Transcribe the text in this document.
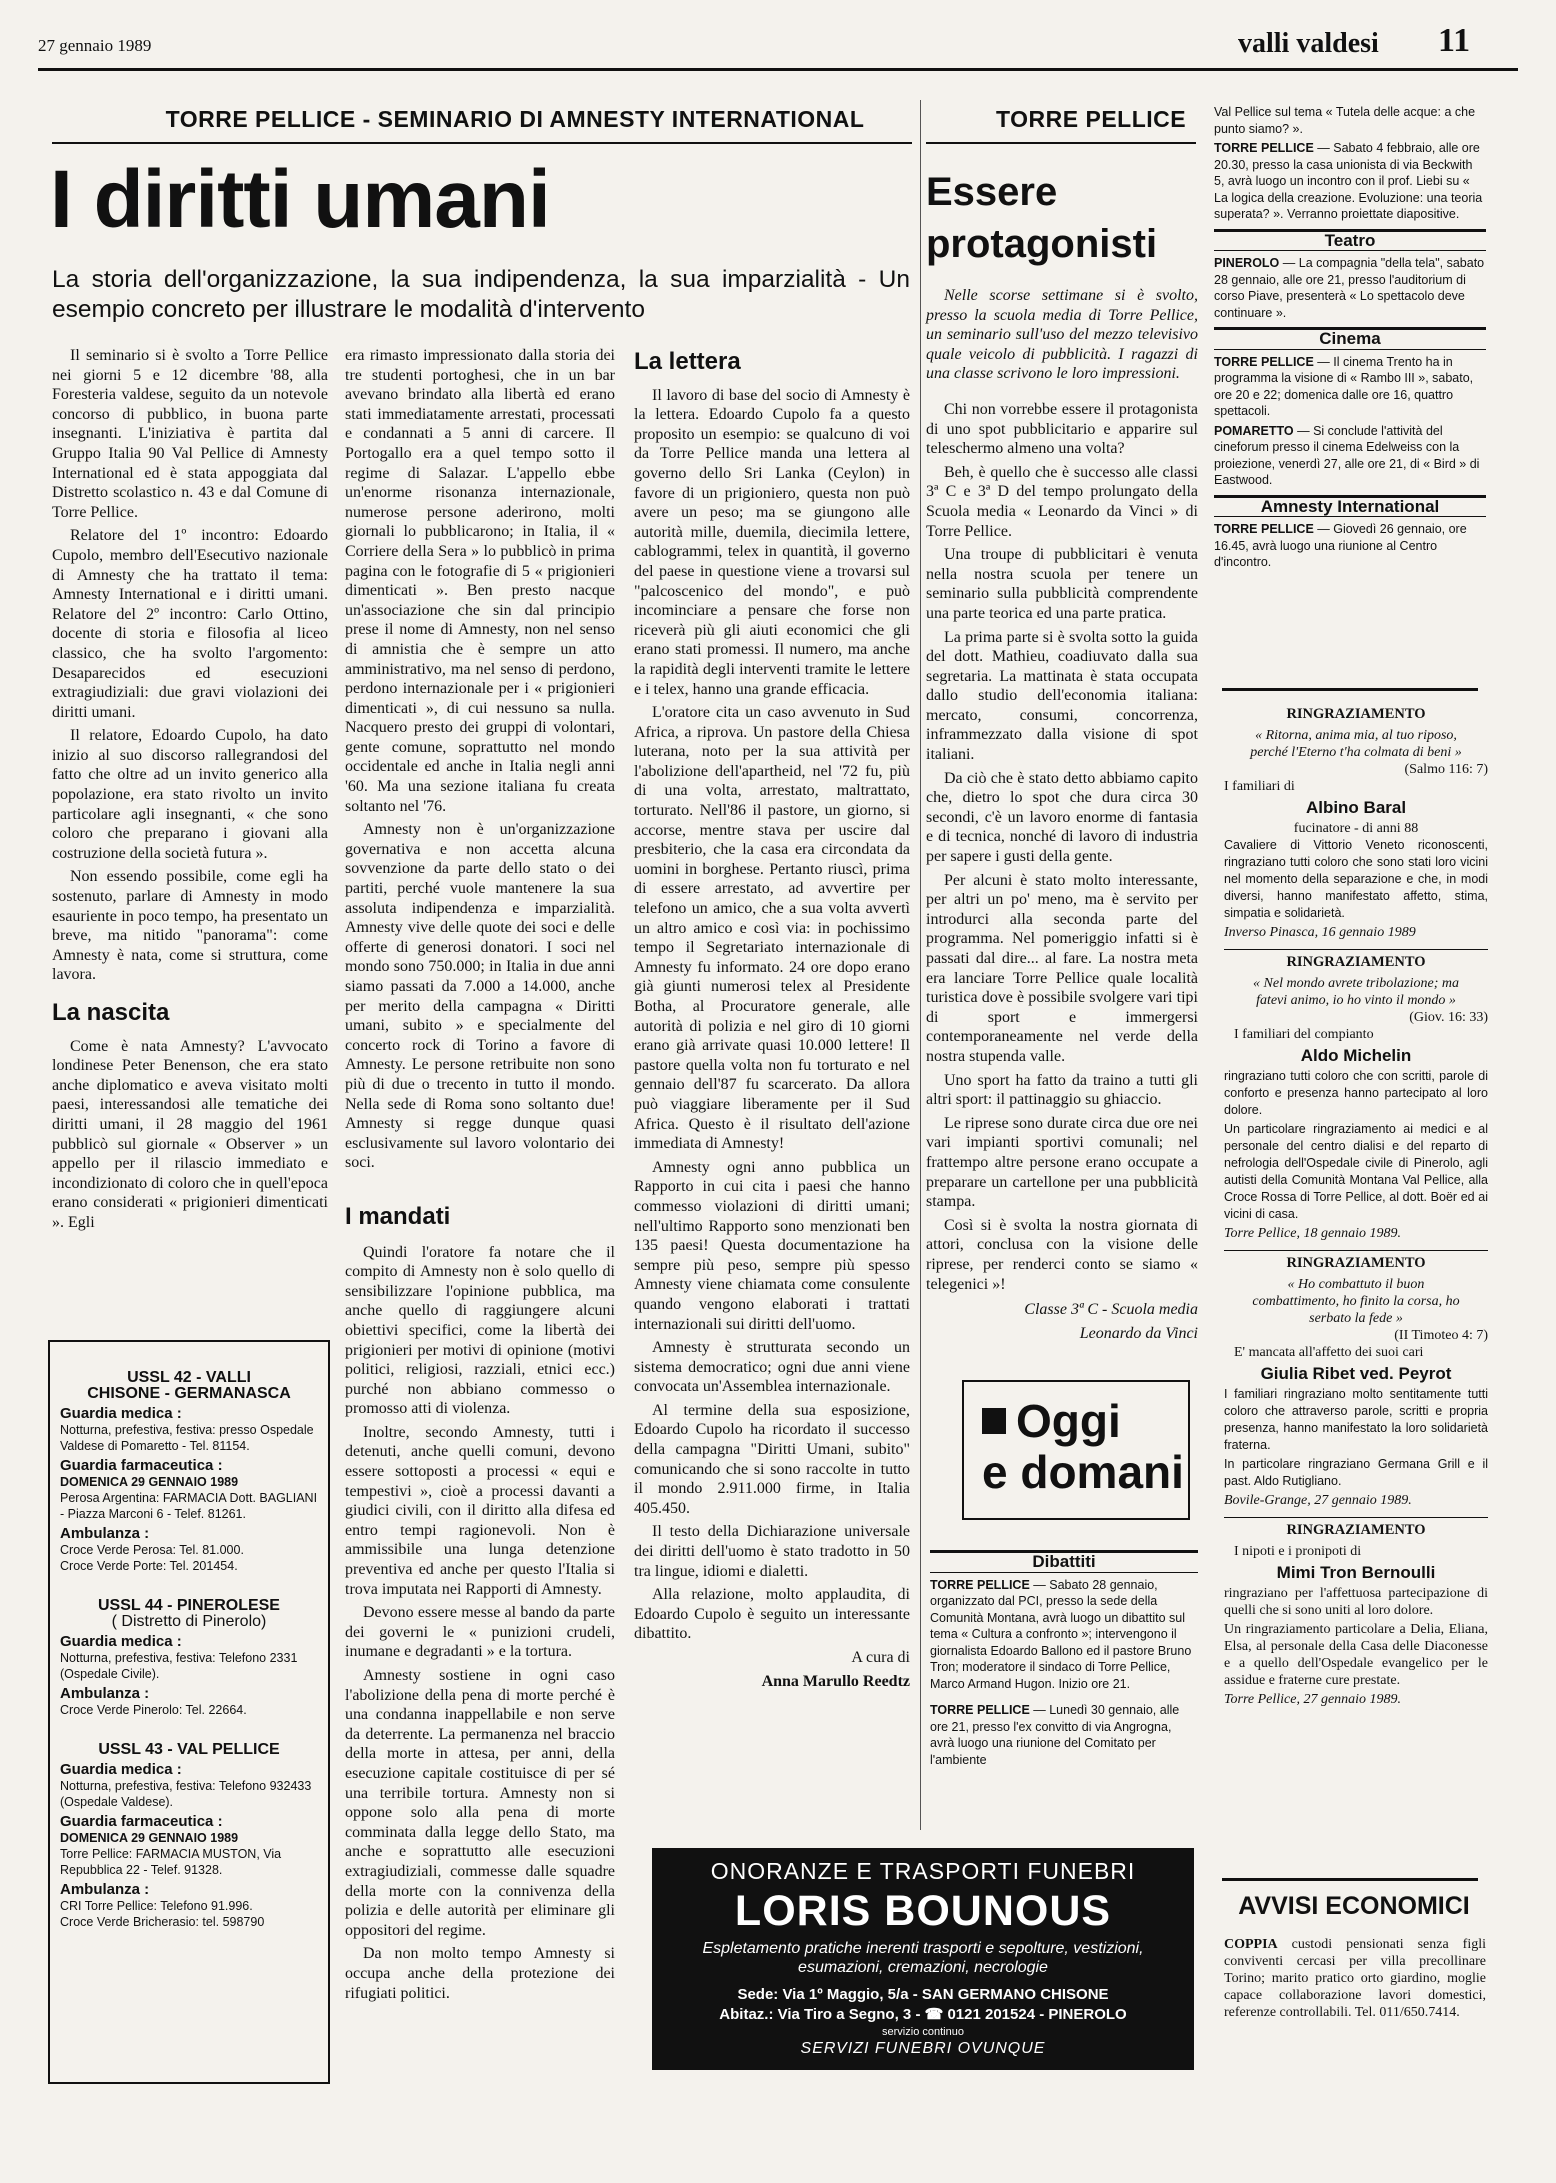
27 gennaio 1989	valli valdesi 11
TORRE PELLICE - SEMINARIO DI AMNESTY INTERNATIONAL
I diritti umani
La storia dell'organizzazione, la sua indipendenza, la sua imparzialità - Un esempio concreto per illustrare le modalità d'intervento

Il seminario si è svolto a Torre Pellice nei giorni 5 e 12 dicembre '88, alla Foresteria valdese, seguito da un notevole concorso di pubblico, in buona parte insegnanti. L'iniziativa è partita dal Gruppo Italia 90 Val Pellice di Amnesty International ed è stata appoggiata dal Distretto scolastico n. 43 e dal Comune di Torre Pellice.

Relatore del 1º incontro: Edoardo Cupolo, membro dell'Esecutivo nazionale di Amnesty che ha trattato il tema: Amnesty International e i diritti umani. Relatore del 2º incontro: Carlo Ottino, docente di storia e filosofia al liceo classico, che ha svolto l'argomento: Desaparecidos ed esecuzioni extragiudiziali: due gravi violazioni dei diritti umani.

Il relatore, Edoardo Cupolo, ha dato inizio al suo discorso rallegrandosi del fatto che oltre ad un invito generico alla popolazione, era stato rivolto un invito particolare agli insegnanti, « che sono coloro che preparano i giovani alla costruzione della società futura ».

Non essendo possibile, come egli ha sostenuto, parlare di Amnesty in modo esauriente in poco tempo, ha presentato un breve, ma nitido "panorama": come Amnesty è nata, come si struttura, come lavora.

La nascita

Come è nata Amnesty? L'avvocato londinese Peter Benenson, che era stato anche diplomatico e aveva visitato molti paesi, interessandosi alle tematiche dei diritti umani, il 28 maggio del 1961 pubblicò sul giornale « Observer » un appello per il rilascio immediato e incondizionato di coloro che in quell'epoca erano considerati « prigionieri dimenticati ». Egli

USSL 42 - VALLI

CHISONE - GERMANASCA

Guardia medica :

Notturna, prefestiva, festiva: presso Ospedale Valdese di Pomaretto - Tel. 81154.

Guardia farmaceutica :

DOMENICA 29 GENNAIO 1989

Perosa Argentina: FARMACIA Dott. BAGLIANI - Piazza Marconi 6 - Telef. 81261.

Ambulanza :

Croce Verde Perosa: Tel. 81.000.

Croce Verde Porte: Tel. 201454.

USSL 44 - PINEROLESE

( Distretto di Pinerolo)

Guardia medica :

Notturna, prefestiva, festiva: Telefono 2331 (Ospedale Civile).

Ambulanza :

Croce Verde Pinerolo: Tel. 22664.

USSL 43 - VAL PELLICE

Guardia medica :

Notturna, prefestiva, festiva: Telefono 932433 (Ospedale Valdese).

Guardia farmaceutica :

DOMENICA 29 GENNAIO 1989

Torre Pellice: FARMACIA MUSTON, Via Repubblica 22 - Telef. 91328.

Ambulanza :

CRI Torre Pellice: Telefono 91.996.

Croce Verde Bricherasio: tel. 598790

era rimasto impressionato dalla storia dei tre studenti portoghesi, che in un bar avevano brindato alla libertà ed erano stati immediatamente arrestati, processati e condannati a 5 anni di carcere. Il Portogallo era a quel tempo sotto il regime di Salazar. L'appello ebbe un'enorme risonanza internazionale, numerose persone aderirono, molti giornali lo pubblicarono; in Italia, il « Corriere della Sera » lo pubblicò in prima pagina con le fotografie di 5 « prigionieri dimenticati ». Ben presto nacque un'associazione che sin dal principio prese il nome di Amnesty, non nel senso di amnistia che è sempre un atto amministrativo, ma nel senso di perdono, perdono internazionale per i « prigionieri dimenticati », di cui nessuno sa nulla. Nacquero presto dei gruppi di volontari, gente comune, soprattutto nel mondo occidentale ed anche in Italia negli anni '60. Ma una sezione italiana fu creata soltanto nel '76.

Amnesty non è un'organizzazione governativa e non accetta alcuna sovvenzione da parte dello stato o dei partiti, perché vuole mantenere la sua assoluta indipendenza e imparzialità. Amnesty vive delle quote dei soci e delle offerte di generosi donatori. I soci nel mondo sono 750.000; in Italia in due anni siamo passati da 7.000 a 14.000, anche per merito della campagna « Diritti umani, subito » e specialmente del concerto rock di Torino a favore di Amnesty. Le persone retribuite non sono più di due o trecento in tutto il mondo. Nella sede di Roma sono soltanto due! Amnesty si regge dunque quasi esclusivamente sul lavoro volontario dei soci.

I mandati

Quindi l'oratore fa notare che il compito di Amnesty non è solo quello di sensibilizzare l'opinione pubblica, ma anche quello di raggiungere alcuni obiettivi specifici, come la libertà dei prigionieri per motivi di opinione (motivi politici, religiosi, razziali, etnici ecc.) purché non abbiano commesso o promosso atti di violenza.

Inoltre, secondo Amnesty, tutti i detenuti, anche quelli comuni, devono essere sottoposti a processi « equi e tempestivi », cioè a processi davanti a giudici civili, con il diritto alla difesa ed entro tempi ragionevoli. Non è ammissibile una lunga detenzione preventiva ed anche per questo l'Italia si trova imputata nei Rapporti di Amnesty.

Devono essere messe al bando da parte dei governi le « punizioni crudeli, inumane e degradanti » e la tortura.

Amnesty sostiene in ogni caso l'abolizione della pena di morte perché è una condanna inappellabile e non serve da deterrente. La permanenza nel braccio della morte in attesa, per anni, della esecuzione capitale costituisce di per sé una terribile tortura. Amnesty non si oppone solo alla pena di morte comminata dalla legge dello Stato, ma anche e soprattutto alle esecuzioni extragiudiziali, commesse dalle squadre della morte con la connivenza della polizia e delle autorità per eliminare gli oppositori del regime.

Da non molto tempo Amnesty si occupa anche della protezione dei rifugiati politici.

La lettera

Il lavoro di base del socio di Amnesty è la lettera. Edoardo Cupolo fa a questo proposito un esempio: se qualcuno di voi da Torre Pellice manda una lettera al governo dello Sri Lanka (Ceylon) in favore di un prigioniero, questa non può avere un peso; ma se giungono alle autorità mille, duemila, diecimila lettere, cablogrammi, telex in quantità, il governo del paese in questione viene a trovarsi sul "palcoscenico del mondo", e può incominciare a pensare che forse non riceverà più gli aiuti economici che gli erano stati promessi. Il numero, ma anche la rapidità degli interventi tramite le lettere e i telex, hanno una grande efficacia.

L'oratore cita un caso avvenuto in Sud Africa, a riprova. Un pastore della Chiesa luterana, noto per la sua attività per l'abolizione dell'apartheid, nel '72 fu, più di una volta, arrestato, maltrattato, torturato. Nell'86 il pastore, un giorno, si accorse, mentre stava per uscire dal presbiterio, che la casa era circondata da uomini in borghese. Pertanto riuscì, prima di essere arrestato, ad avvertire per telefono un amico, che a sua volta avvertì un altro amico e così via: in pochissimo tempo il Segretariato internazionale di Amnesty fu informato. 24 ore dopo erano già giunti numerosi telex al Presidente Botha, al Procuratore generale, alle autorità di polizia e nel giro di 10 giorni erano già arrivate quasi 10.000 lettere! Il pastore quella volta non fu torturato e nel gennaio dell'87 fu scarcerato. Da allora può viaggiare liberamente per il Sud Africa. Questo è il risultato dell'azione immediata di Amnesty!

Amnesty ogni anno pubblica un Rapporto in cui cita i paesi che hanno commesso violazioni di diritti umani; nell'ultimo Rapporto sono menzionati ben 135 paesi! Questa documentazione ha sempre più peso, sempre più spesso Amnesty viene chiamata come consulente quando vengono elaborati i trattati internazionali sui diritti dell'uomo.

Amnesty è strutturata secondo un sistema democratico; ogni due anni viene convocata un'Assemblea internazionale.

Al termine della sua esposizione, Edoardo Cupolo ha ricordato il successo della campagna "Diritti Umani, subito" comunicando che si sono raccolte in tutto il mondo 2.911.000 firme, in Italia 405.450.

Il testo della Dichiarazione universale dei diritti dell'uomo è stato tradotto in 50 tra lingue, idiomi e dialetti.

Alla relazione, molto applaudita, di Edoardo Cupolo è seguito un interessante dibattito.

A cura di

Anna Marullo Reedtz

TORRE PELLICE
Essere protagonisti

Nelle scorse settimane si è svolto, presso la scuola media di Torre Pellice, un seminario sull'uso del mezzo televisivo quale veicolo di pubblicità. I ragazzi di una classe scrivono le loro impressioni.

Chi non vorrebbe essere il protagonista di uno spot pubblicitario e apparire sul teleschermo almeno una volta?

Beh, è quello che è successo alle classi 3ª C e 3ª D del tempo prolungato della Scuola media « Leonardo da Vinci » di Torre Pellice.

Una troupe di pubblicitari è venuta nella nostra scuola per tenere un seminario sulla pubblicità comprendente una parte teorica ed una parte pratica.

La prima parte si è svolta sotto la guida del dott. Mathieu, coadiuvato dalla sua segretaria. La mattinata è stata occupata dallo studio dell'economia italiana: mercato, consumi, concorrenza, inframmezzato dalla visione di spot italiani.

Da ciò che è stato detto abbiamo capito che, dietro lo spot che dura circa 30 secondi, c'è un lavoro enorme di fantasia e di tecnica, nonché di lavoro di industria per sapere i gusti della gente.

Per alcuni è stato molto interessante, per altri un po' meno, ma è servito per introdurci alla seconda parte del programma. Nel pomeriggio infatti si è passati dal dire... al fare. La nostra meta era lanciare Torre Pellice quale località turistica dove è possibile svolgere vari tipi di sport e immergersi contemporaneamente nel verde della nostra stupenda valle.

Uno sport ha fatto da traino a tutti gli altri sport: il pattinaggio su ghiaccio.

Le riprese sono durate circa due ore nei vari impianti sportivi comunali; nel frattempo altre persone erano occupate a preparare un cartellone per una pubblicità stampa.

Così si è svolta la nostra giornata di attori, conclusa con la visione delle riprese, per renderci conto se siamo « telegenici »!

Classe 3ª C - Scuola media

Leonardo da Vinci

Oggi
e domani
Dibattiti

TORRE PELLICE — Sabato 28 gennaio, organizzato dal PCI, presso la sede della Comunità Montana, avrà luogo un dibattito sul tema « Cultura a confronto »; intervengono il giornalista Edoardo Ballono ed il pastore Bruno Tron; moderatore il sindaco di Torre Pellice, Marco Armand Hugon. Inizio ore 21.

TORRE PELLICE — Lunedì 30 gennaio, alle ore 21, presso l'ex convitto di via Angrogna, avrà luogo una riunione del Comitato per l'ambiente

Val Pellice sul tema « Tutela delle acque: a che punto siamo? ».

TORRE PELLICE — Sabato 4 febbraio, alle ore 20.30, presso la casa unionista di via Beckwith 5, avrà luogo un incontro con il prof. Liebi su « La logica della creazione. Evoluzione: una teoria superata? ». Verranno proiettate diapositive.

Teatro

PINEROLO — La compagnia "della tela", sabato 28 gennaio, alle ore 21, presso l'auditorium di corso Piave, presenterà « Lo spettacolo deve continuare ».

Cinema

TORRE PELLICE — Il cinema Trento ha in programma la visione di « Rambo III », sabato, ore 20 e 22; domenica dalle ore 16, quattro spettacoli.

POMARETTO — Si conclude l'attività del cineforum presso il cinema Edelweiss con la proiezione, venerdì 27, alle ore 21, di « Bird » di Eastwood.

Amnesty International

TORRE PELLICE — Giovedì 26 gennaio, ore 16.45, avrà luogo una riunione al Centro d'incontro.

RINGRAZIAMENTO
« Ritorna, anima mia, al tuo riposo, perché l'Eterno t'ha colmata di beni »
(Salmo 116: 7)

I familiari di

Albino Baral
fucinatore - di anni 88

Cavaliere di Vittorio Veneto riconoscenti, ringraziano tutti coloro che sono stati loro vicini nel momento della separazione e che, in modi diversi, hanno manifestato affetto, stima, simpatia e solidarietà.

Inverso Pinasca, 16 gennaio 1989

RINGRAZIAMENTO
« Nel mondo avrete tribolazione; ma fatevi animo, io ho vinto il mondo »
(Giov. 16: 33)

I familiari del compianto

Aldo Michelin

ringraziano tutti coloro che con scritti, parole di conforto e presenza hanno partecipato al loro dolore.

Un particolare ringraziamento ai medici e al personale del centro dialisi e del reparto di nefrologia dell'Ospedale civile di Pinerolo, agli autisti della Comunità Montana Val Pellice, alla Croce Rossa di Torre Pellice, al dott. Boër ed ai vicini di casa.

Torre Pellice, 18 gennaio 1989.

RINGRAZIAMENTO
« Ho combattuto il buon combattimento, ho finito la corsa, ho serbato la fede »
(II Timoteo 4: 7)

E' mancata all'affetto dei suoi cari

Giulia Ribet ved. Peyrot

I familiari ringraziano molto sentitamente tutti coloro che attraverso parole, scritti e propria presenza, hanno manifestato la loro solidarietà fraterna.

In particolare ringraziano Germana Grill e il past. Aldo Rutigliano.

Bovile-Grange, 27 gennaio 1989.

RINGRAZIAMENTO

I nipoti e i pronipoti di

Mimi Tron Bernoulli

ringraziano per l'affettuosa partecipazione di quelli che si sono uniti al loro dolore.

Un ringraziamento particolare a Delia, Eliana, Elsa, al personale della Casa delle Diaconesse e a quello dell'Ospedale evangelico per le assidue e fraterne cure prestate.

Torre Pellice, 27 gennaio 1989.

AVVISI ECONOMICI
COPPIA custodi pensionati senza figli conviventi cercasi per villa precollinare Torino; marito pratico orto giardino, moglie capace collaborazione lavori domestici, referenze controllabili. Tel. 011/650.7414.
ONORANZE E TRASPORTI FUNEBRI
LORIS BOUNOUS
Espletamento pratiche inerenti trasporti e sepolture, vestizioni, esumazioni, cremazioni, necrologie
Sede: Via 1º Maggio, 5/a - SAN GERMANO CHISONE
Abitaz.: Via Tiro a Segno, 3 - ☎ 0121 201524 - PINEROLO
servizio continuo
SERVIZI FUNEBRI OVUNQUE
